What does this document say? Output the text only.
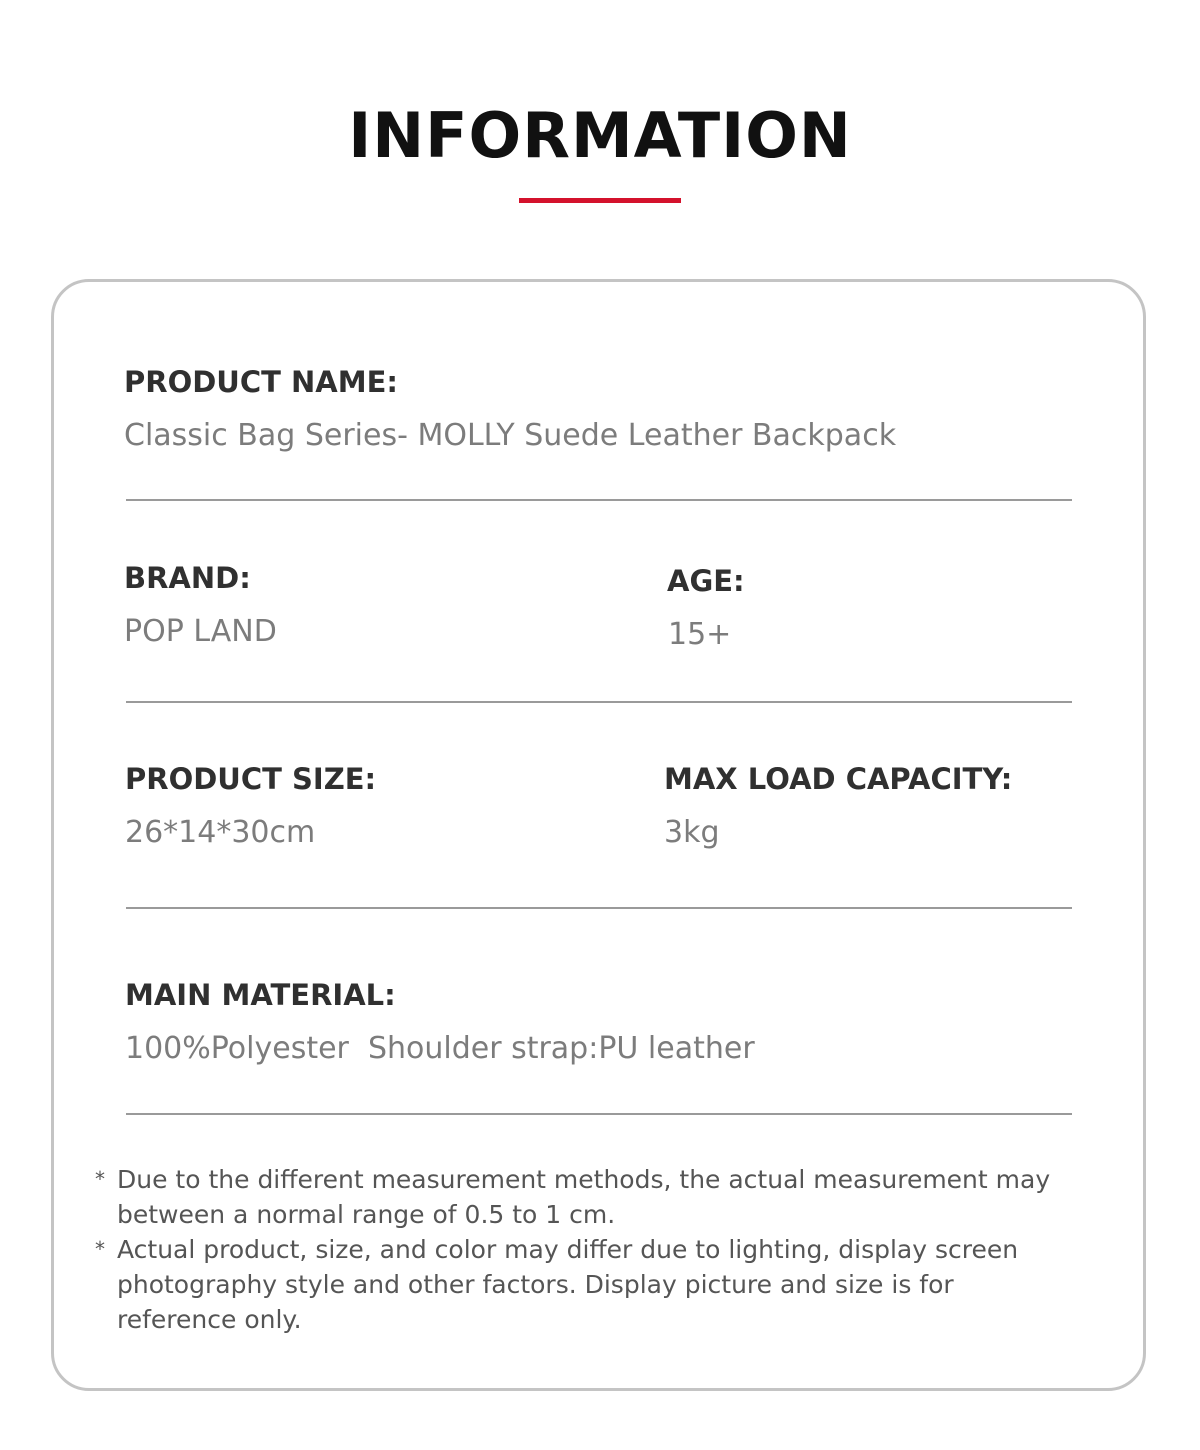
INFORMATION
PRODUCT NAME:
Classic Bag Series- MOLLY Suede Leather Backpack
BRAND:
POP LAND
AGE:
15+
PRODUCT SIZE:
26*14*30cm
MAX LOAD CAPACITY:
3kg
MAIN MATERIAL:
100%Polyester  Shoulder strap:PU leather
* Due to the different measurement methods, the actual measurement may between a normal range of 0.5 to 1 cm.
* Actual product, size, and color may differ due to lighting, display screen photography style and other factors. Display picture and size is for reference only.
